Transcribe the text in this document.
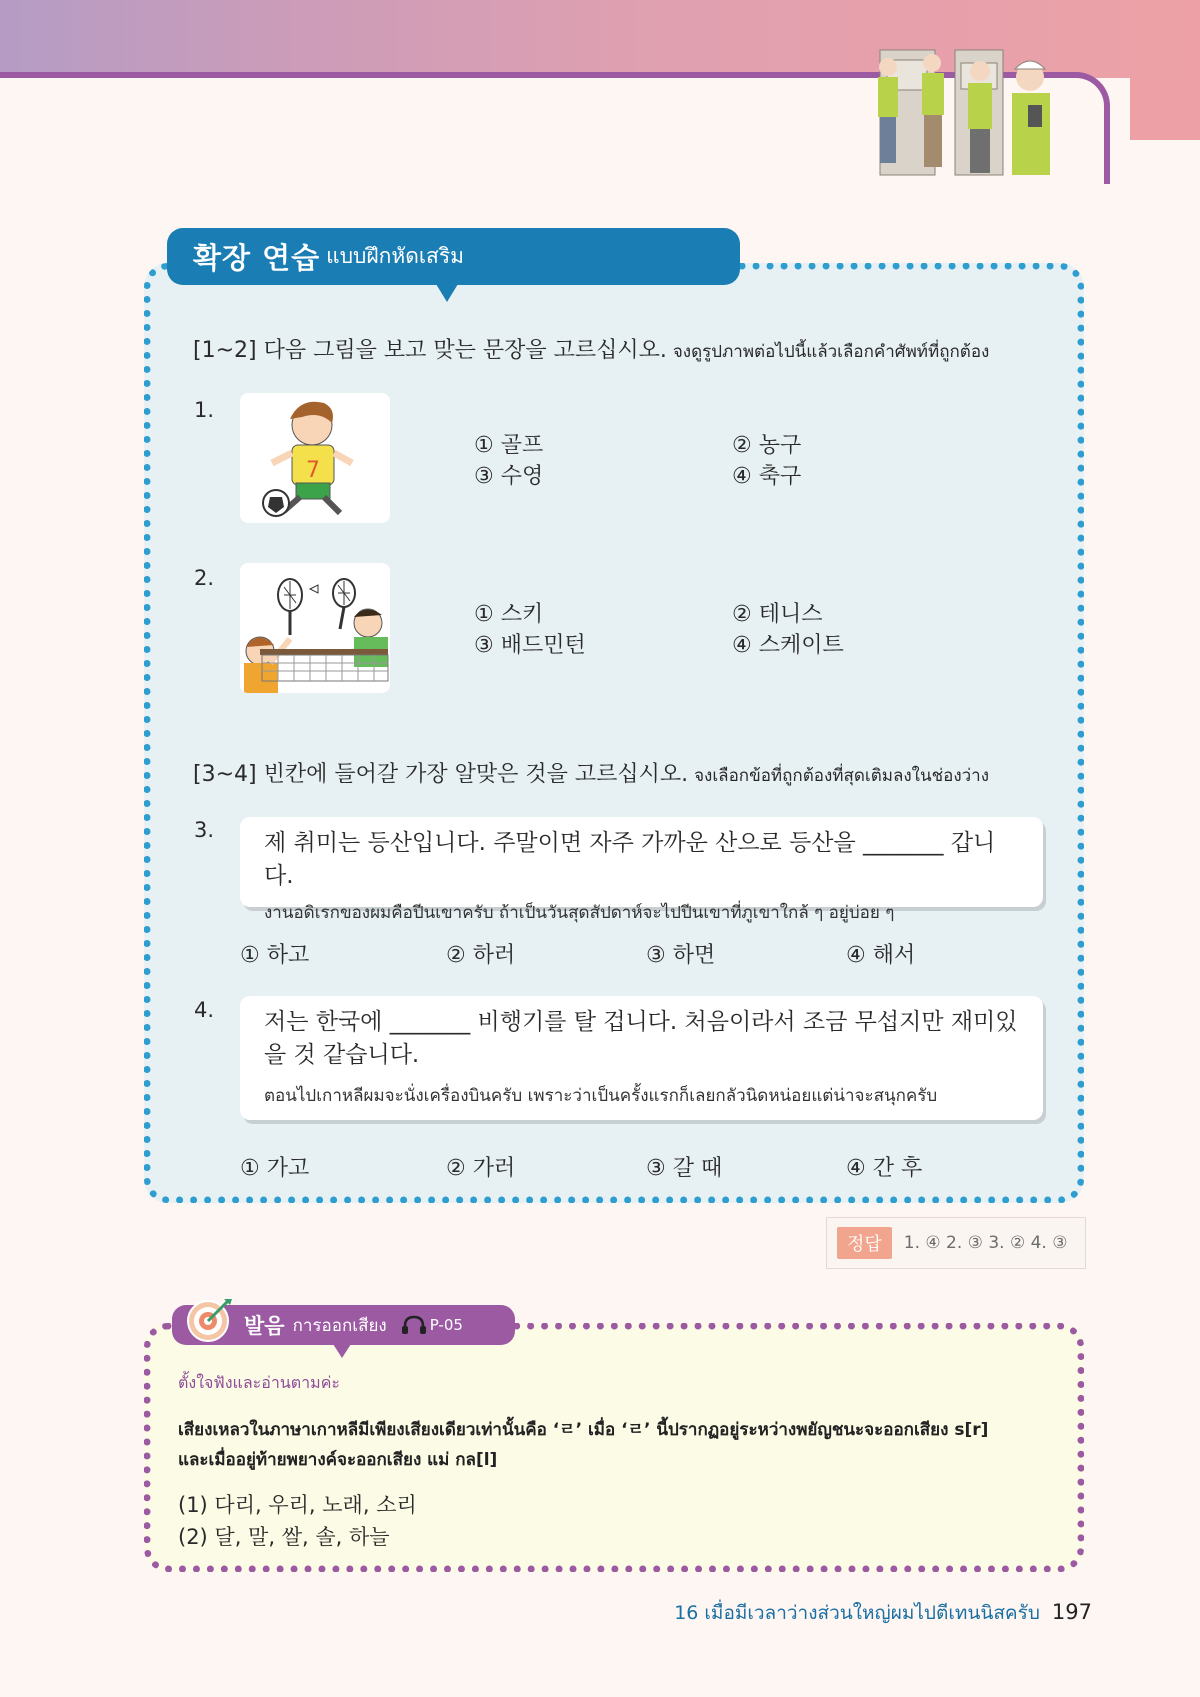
확장 연습 แบบฝึกหัดเสริม
[1~2] 다음 그림을 보고 맞는 문장을 고르십시오. จงดูรูปภาพต่อไปนี้แล้วเลือกคำศัพท์ที่ถูกต้อง
1.
7
① 골프	② 농구
③ 수영	④ 축구
2.
① 스키	② 테니스
③ 배드민턴	④ 스케이트
[3~4] 빈칸에 들어갈 가장 알맞은 것을 고르십시오. จงเลือกข้อที่ถูกต้องที่สุดเติมลงในช่องว่าง
3. 제 취미는 등산입니다. 주말이면 자주 가까운 산으로 등산을 _______ 갑니다.
งานอดิเรกของผมคือปีนเขาครับ ถ้าเป็นวันสุดสัปดาห์จะไปปีนเขาที่ภูเขาใกล้ ๆ อยู่บ่อย ๆ
① 하고	② 하러	③ 하면	④ 해서
4. 저는 한국에 _______ 비행기를 탈 겁니다. 처음이라서 조금 무섭지만 재미있을 것 같습니다.
ตอนไปเกาหลีผมจะนั่งเครื่องบินครับ เพราะว่าเป็นครั้งแรกก็เลยกลัวนิดหน่อยแต่น่าจะสนุกครับ
① 가고	② 가러	③ 갈 때	④ 간 후
정답	1. ④ 2. ③ 3. ② 4. ③
발음 การออกเสียง	P-05
ตั้งใจฟังและอ่านตามค่ะ
เสียงเหลวในภาษาเกาหลีมีเพียงเสียงเดียวเท่านั้นคือ ‘ㄹ’ เมื่อ ‘ㄹ’ นี้ปรากฏอยู่ระหว่างพยัญชนะจะออกเสียง s[r]
และเมื่ออยู่ท้ายพยางค์จะออกเสียง แม่ กล[l]
(1) 다리, 우리, 노래, 소리
(2) 달, 말, 쌀, 솔, 하늘
16 เมื่อมีเวลาว่างส่วนใหญ่ผมไปตีเทนนิสครับ 197
